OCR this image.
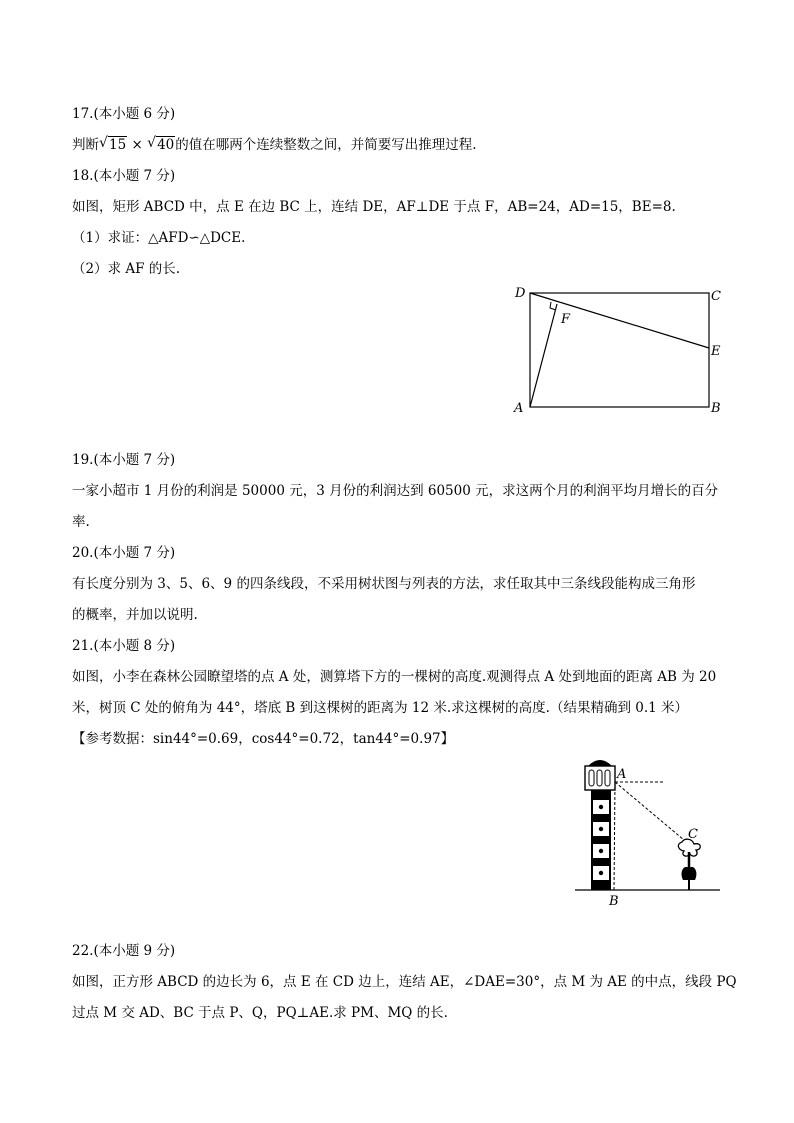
17.(本小题 6 分)
判断 √ 15 × √ 40的值在哪两个连续整数之间，并简要写出推理过程.
18.(本小题 7 分)
如图，矩形 ABCD 中，点 E 在边 BC 上，连结 DE，AF⊥DE 于点 F，AB=24，AD=15，BE=8.
（1）求证：△AFD∽△DCE.
（2）求 AF 的长.
D	C
F
E
A	B
19.(本小题 7 分)
一家小超市 1 月份的利润是 50000 元，3 月份的利润达到 60500 元，求这两个月的利润平均月增长的百分
率.
20.(本小题 7 分)
有长度分别为 3、5、6、9 的四条线段，不采用树状图与列表的方法，求任取其中三条线段能构成三角形
的概率，并加以说明.
21.(本小题 8 分)
如图，小李在森林公园瞭望塔的点 A 处，测算塔下方的一棵树的高度.观测得点 A 处到地面的距离 AB 为 20
米，树顶 C 处的俯角为 44°，塔底 B 到这棵树的距离为 12 米.求这棵树的高度.（结果精确到 0.1 米）
【参考数据：sin44°=0.69，cos44°=0.72，tan44°=0.97】
A
C
B
22.(本小题 9 分)
如图，正方形 ABCD 的边长为 6，点 E 在 CD 边上，连结 AE，∠DAE=30°，点 M 为 AE 的中点，线段 PQ
过点 M 交 AD、BC 于点 P、Q，PQ⊥AE.求 PM、MQ 的长.
